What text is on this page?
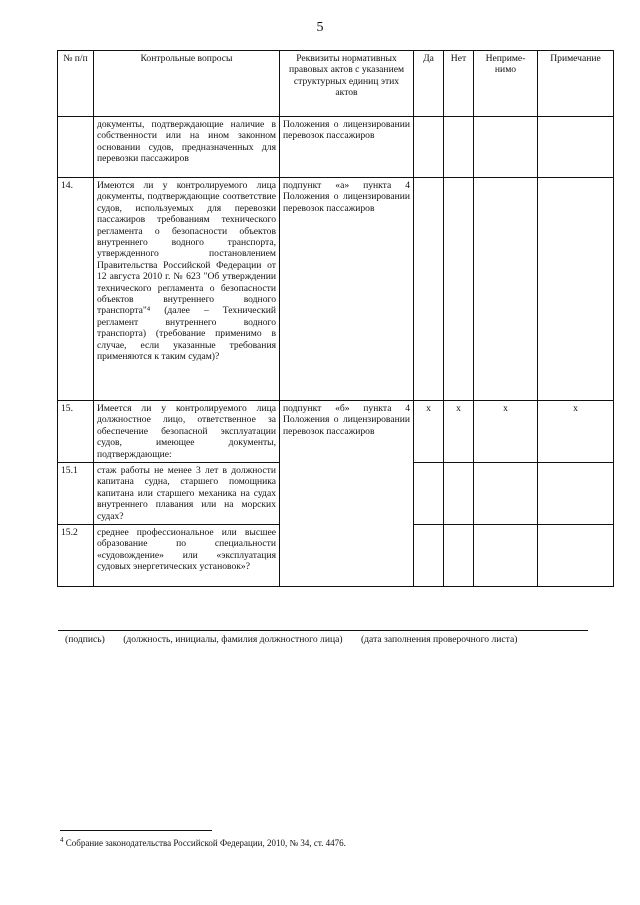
5
№ п/п	Контрольные вопросы	Реквизиты нормативных правовых актов с указанием структурных единиц этих актов	Да	Нет	Неприме-нимо	Примечание
	документы, подтверждающие наличие в собственности или на ином законном основании судов, предназначенных для перевозки пассажиров	Положения о лицензировании перевозок пассажиров				
14.	Имеются ли у контролируемого лица документы, подтверждающие соответствие судов, используемых для перевозки пассажиров требованиям технического регламента о безопасности объектов внутреннего водного транспорта, утвержденного постановлением Правительства Российской Федерации от 12 августа 2010 г. № 623 "Об утверждении технического регламента о безопасности объектов внутреннего водного транспорта"⁴ (далее – Технический регламент внутреннего водного транспорта) (требование применимо в случае, если указанные требования применяются к таким судам)?	подпункт «а» пункта 4 Положения о лицензировании перевозок пассажиров				
15.	Имеется ли у контролируемого лица должностное лицо, ответственное за обеспечение безопасной эксплуатации судов, имеющее документы, подтверждающие:	подпункт «б» пункта 4 Положения о лицензировании перевозок пассажиров	x	x	x	x
15.1	стаж работы не менее 3 лет в должности капитана судна, старшего помощника капитана или старшего механика на судах внутреннего плавания или на морских судах?					
15.2	среднее профессиональное или высшее образование по специальности «судовождение» или «эксплуатация судовых энергетических установок»?					
(подпись) (должность, инициалы, фамилия должностного лица) (дата заполнения проверочного листа)
$^4$ Собрание законодательства Российской Федерации, 2010, № 34, ст. 4476.
